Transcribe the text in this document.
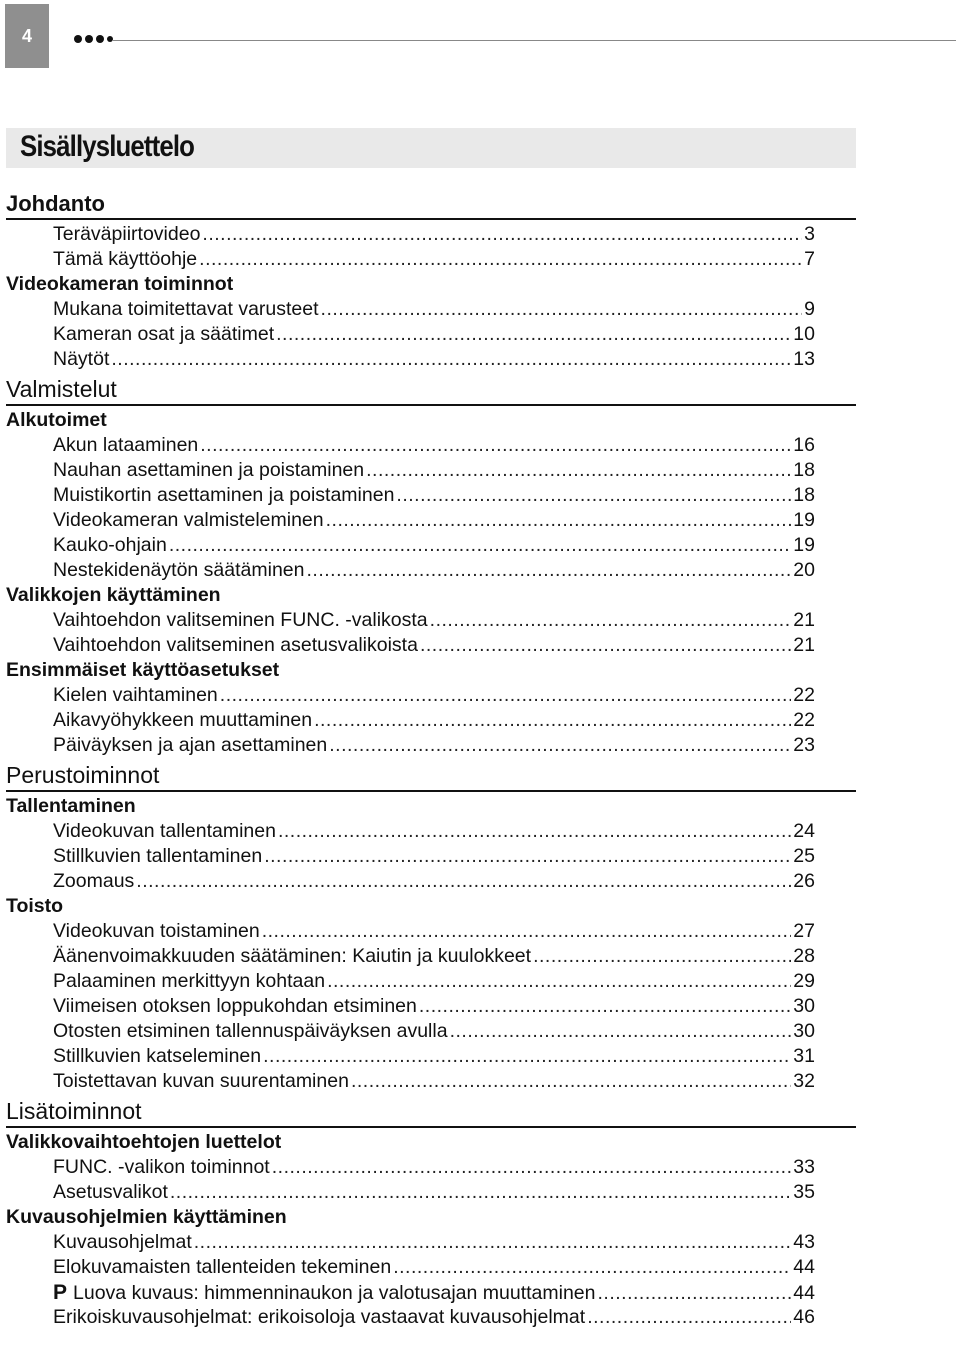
4
Sisällysluettelo
Johdanto
Teräväpiirtovideo .....	3
Tämä käyttöohje .....	7
Videokameran toiminnot
Mukana toimitettavat varusteet .....	9
Kameran osat ja säätimet .....	10
Näytöt .....	13
Valmistelut
Alkutoimet
Akun lataaminen .....	16
Nauhan asettaminen ja poistaminen .....	18
Muistikortin asettaminen ja poistaminen .....	18
Videokameran valmisteleminen .....	19
Kauko-ohjain .....	19
Nestekidenäytön säätäminen .....	20
Valikkojen käyttäminen
Vaihtoehdon valitseminen FUNC. -valikosta .....	21
Vaihtoehdon valitseminen asetusvalikoista .....	21
Ensimmäiset käyttöasetukset
Kielen vaihtaminen .....	22
Aikavyöhykkeen muuttaminen .....	22
Päiväyksen ja ajan asettaminen .....	23
Perustoiminnot
Tallentaminen
Videokuvan tallentaminen .....	24
Stillkuvien tallentaminen .....	25
Zoomaus .....	26
Toisto
Videokuvan toistaminen .....	27
Äänenvoimakkuuden säätäminen: Kaiutin ja kuulokkeet .....	28
Palaaminen merkittyyn kohtaan .....	29
Viimeisen otoksen loppukohdan etsiminen .....	30
Otosten etsiminen tallennuspäiväyksen avulla .....	30
Stillkuvien katseleminen .....	31
Toistettavan kuvan suurentaminen .....	32
Lisätoiminnot
Valikkovaihtoehtojen luettelot
FUNC. -valikon toiminnot .....	33
Asetusvalikot .....	35
Kuvausohjelmien käyttäminen
Kuvausohjelmat .....	43
Elokuvamaisten tallenteiden tekeminen .....	44
P Luova kuvaus: himmenninaukon ja valotusajan muuttaminen .....	44
Erikoiskuvausohjelmat: erikoisoloja vastaavat kuvausohjelmat .....	46
